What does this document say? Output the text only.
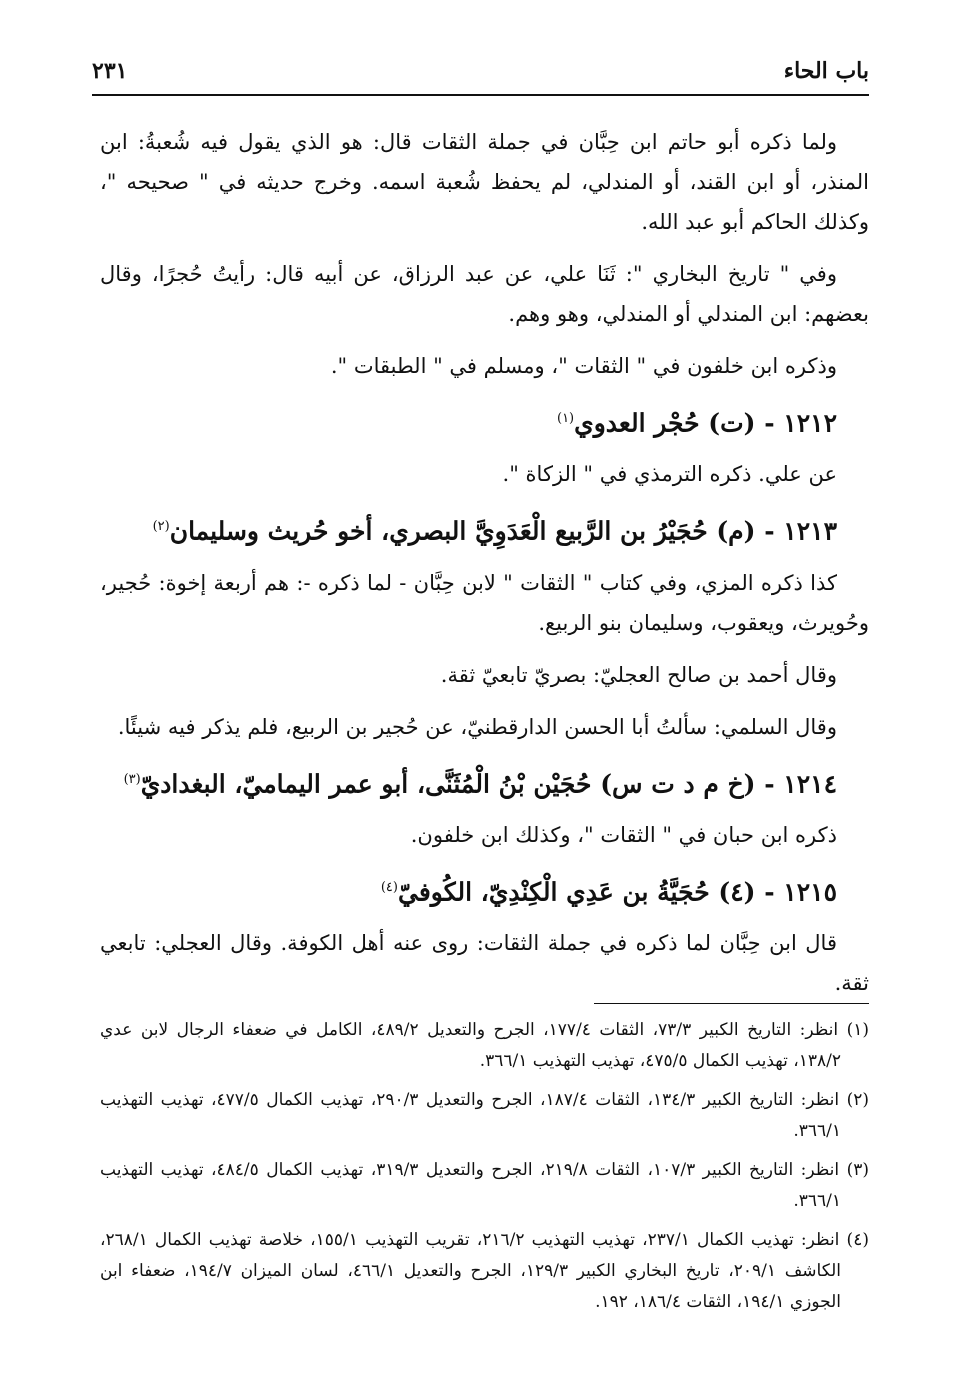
باب الحاء
٢٣١

ولما ذكره أبو حاتم ابن حِبَّان في جملة الثقات قال: هو الذي يقول فيه شُعبةُ: ابن المنذر، أو ابن القند، أو المندلي، لم يحفظ شُعبة اسمه. وخرج حديثه في " صحيحه "، وكذلك الحاكم أبو عبد الله.

وفي " تاريخ البخاري ": ثَنَا علي، عن عبد الرزاق، عن أبيه قال: رأيتُ حُجرًا، وقال بعضهم: ابن المندلي أو المندلي، وهو وهم.

وذكره ابن خلفون في " الثقات "، ومسلم في " الطبقات ".

١٢١٢ - (ت) حُجْر العدوي$^{(١)}$

عن علي. ذكره الترمذي في " الزكاة ".

١٢١٣ - (م) حُجَيْرُ بن الرَّبيع الْعَدَوِيَّ البصري، أخو حُريث وسليمان$^{(٢)}$

كذا ذكره المزي، وفي كتاب " الثقات " لابن حِبَّان - لما ذكره -: هم أربعة إخوة: حُجير، وحُويرث، ويعقوب، وسليمان بنو الربيع.

وقال أحمد بن صالح العجليّ: بصريّ تابعيّ ثقة.

وقال السلمي: سألتُ أبا الحسن الدارقطنيّ، عن حُجير بن الربيع، فلم يذكر فيه شيئًا.

١٢١٤ - (خ م د ت س) حُجَيْن بْنُ الْمُثَنَّى، أبو عمر اليماميّ، البغداديّ$^{(٣)}$

ذكره ابن حبان في " الثقات "، وكذلك ابن خلفون.

١٢١٥ - (٤) حُجَيَّةُ بن عَدِي الْكِنْدِيّ، الكُوفيّ$^{(٤)}$

قال ابن حِبَّان لما ذكره في جملة الثقات: روى عنه أهل الكوفة. وقال العجلي: تابعي ثقة.

(١) انظر: التاريخ الكبير ٧٣/٣، الثقات ١٧٧/٤، الجرح والتعديل ٤٨٩/٢، الكامل في ضعفاء الرجال لابن عدي ١٣٨/٢، تهذيب الكمال ٤٧٥/٥، تهذيب التهذيب ٣٦٦/١.

(٢) انظر: التاريخ الكبير ١٣٤/٣، الثقات ١٨٧/٤، الجرح والتعديل ٢٩٠/٣، تهذيب الكمال ٤٧٧/٥، تهذيب التهذيب ٣٦٦/١.

(٣) انظر: التاريخ الكبير ١٠٧/٣، الثقات ٢١٩/٨، الجرح والتعديل ٣١٩/٣، تهذيب الكمال ٤٨٤/٥، تهذيب التهذيب ٣٦٦/١.

(٤) انظر: تهذيب الكمال ٢٣٧/١، تهذيب التهذيب ٢١٦/٢، تقريب التهذيب ١٥٥/١، خلاصة تهذيب الكمال ٢٦٨/١، الكاشف ٢٠٩/١، تاريخ البخاري الكبير ١٢٩/٣، الجرح والتعديل ٤٦٦/١، لسان الميزان ١٩٤/٧، ضعفاء ابن الجوزي ١٩٤/١، الثقات ١٨٦/٤، ١٩٢.
